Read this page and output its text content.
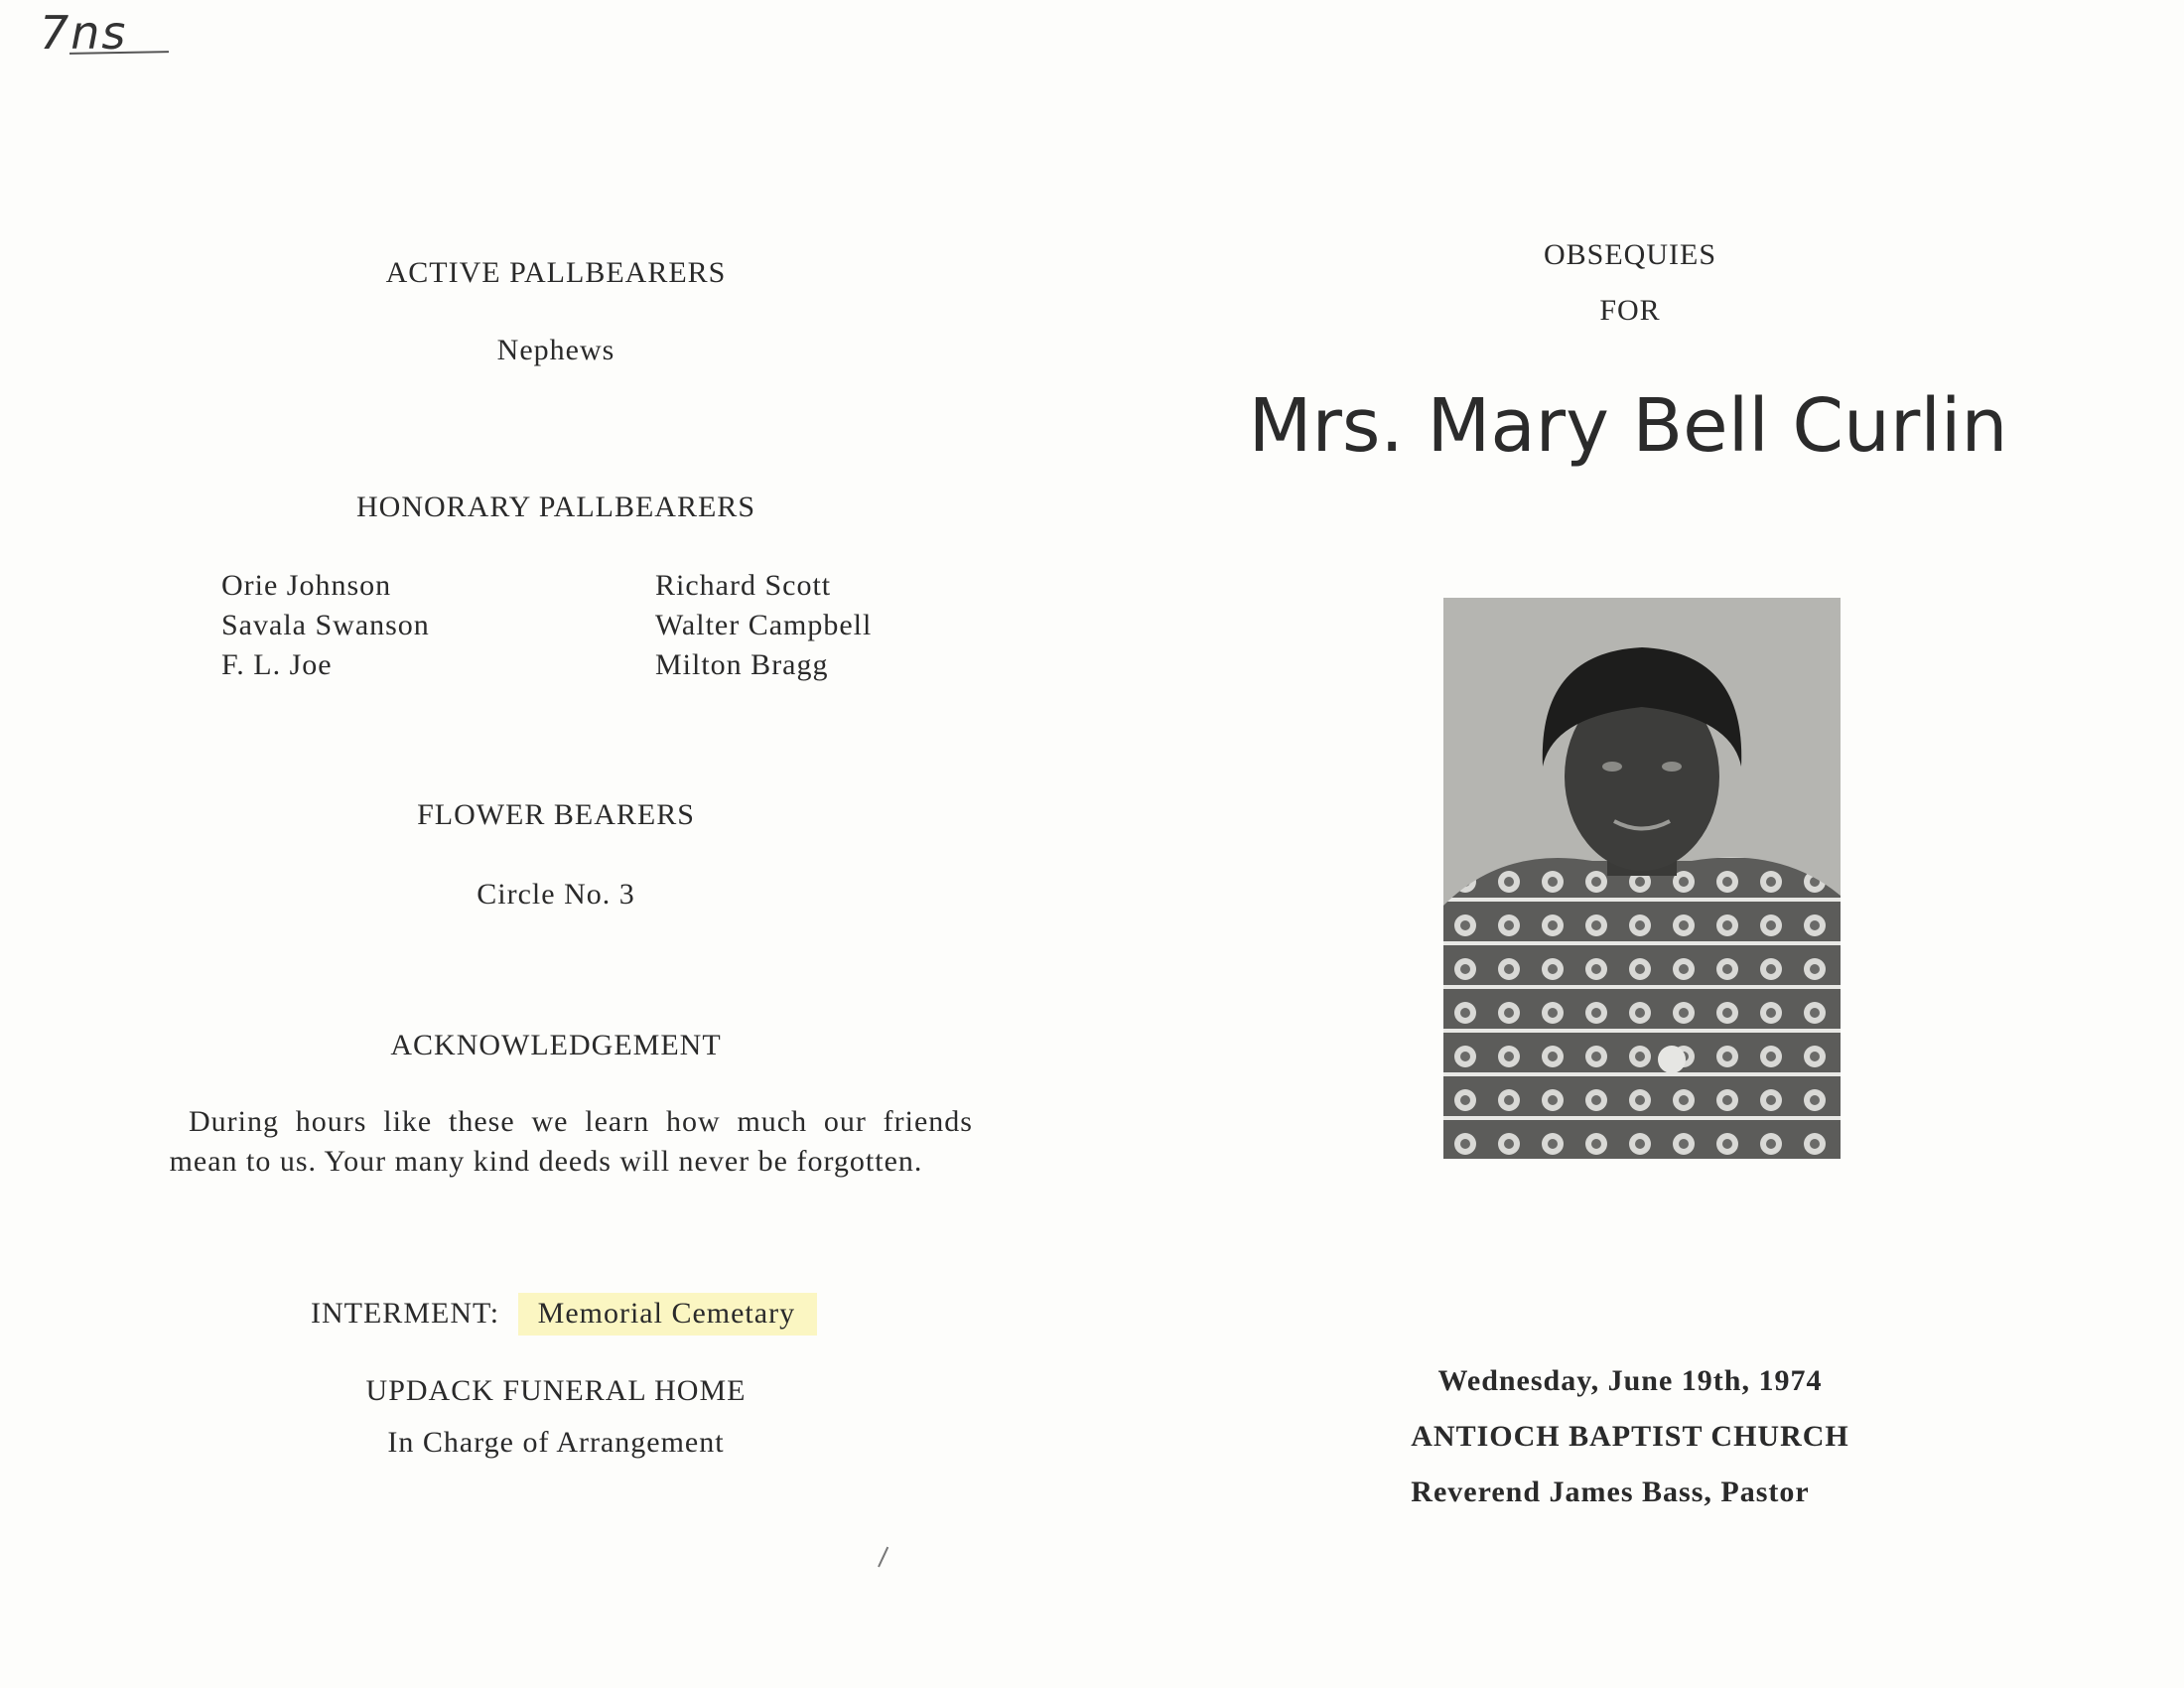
7ns
ACTIVE PALLBEARERS
Nephews
HONORARY PALLBEARERS
Orie Johnson
Savala Swanson
F. L. Joe
Richard Scott
Walter Campbell
Milton Bragg
FLOWER BEARERS
Circle No. 3
ACKNOWLEDGEMENT
During hours like these we learn how much our friends mean to us. Your many kind deeds will never be forgotten.
INTERMENT: Memorial Cemetary
UPDACK FUNERAL HOME
In Charge of Arrangement
OBSEQUIES
FOR
Mrs. Mary Bell Curlin
Wednesday, June 19th, 1974
ANTIOCH BAPTIST CHURCH
Reverend James Bass, Pastor
